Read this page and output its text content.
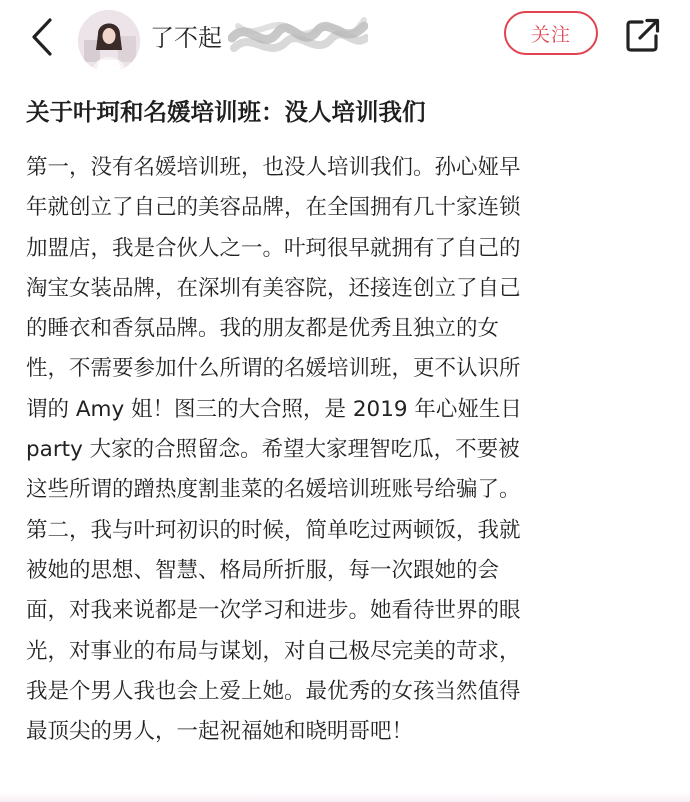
了不起	关注
关于叶珂和名媛培训班：没人培训我们
第一，没有名媛培训班，也没人培训我们。孙心娅早
年就创立了自己的美容品牌，在全国拥有几十家连锁
加盟店，我是合伙人之一。叶珂很早就拥有了自己的
淘宝女装品牌，在深圳有美容院，还接连创立了自己
的睡衣和香氛品牌。我的朋友都是优秀且独立的女
性，不需要参加什么所谓的名媛培训班，更不认识所
谓的 Amy 姐！图三的大合照，是 2019 年心娅生日
party 大家的合照留念。希望大家理智吃瓜，不要被
这些所谓的蹭热度割韭菜的名媛培训班账号给骗了。
第二，我与叶珂初识的时候，简单吃过两顿饭，我就
被她的思想、智慧、格局所折服，每一次跟她的会
面，对我来说都是一次学习和进步。她看待世界的眼
光，对事业的布局与谋划，对自己极尽完美的苛求，
我是个男人我也会上爱上她。最优秀的女孩当然值得
最顶尖的男人，一起祝福她和晓明哥吧！
